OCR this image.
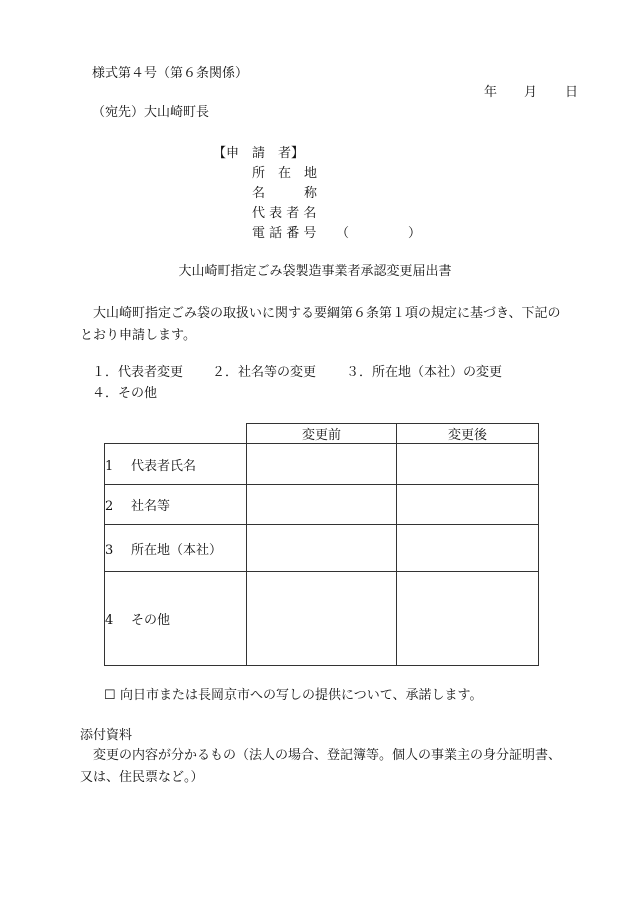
様式第４号（第６条関係）
年 月 日
（宛先）大山崎町長
【申　請　者】
所　在　地
名　　　称
代 表 者 名
電 話 番 号 （	）
大山崎町指定ごみ袋製造事業者承認変更届出書
大山崎町指定ごみ袋の取扱いに関する要綱第６条第１項の規定に基づき、下記の
とおり申請します。
１．代表者変更 ２．社名等の変更 ３．所在地（本社）の変更
４．その他
	変更前	変更後
1 代表者氏名		
2 社名等		
3 所在地（本社）		
4 その他		
☐ 向日市または長岡京市への写しの提供について、承諾します。
添付資料
変更の内容が分かるもの（法人の場合、登記簿等。個人の事業主の身分証明書、
又は、住民票など。）
